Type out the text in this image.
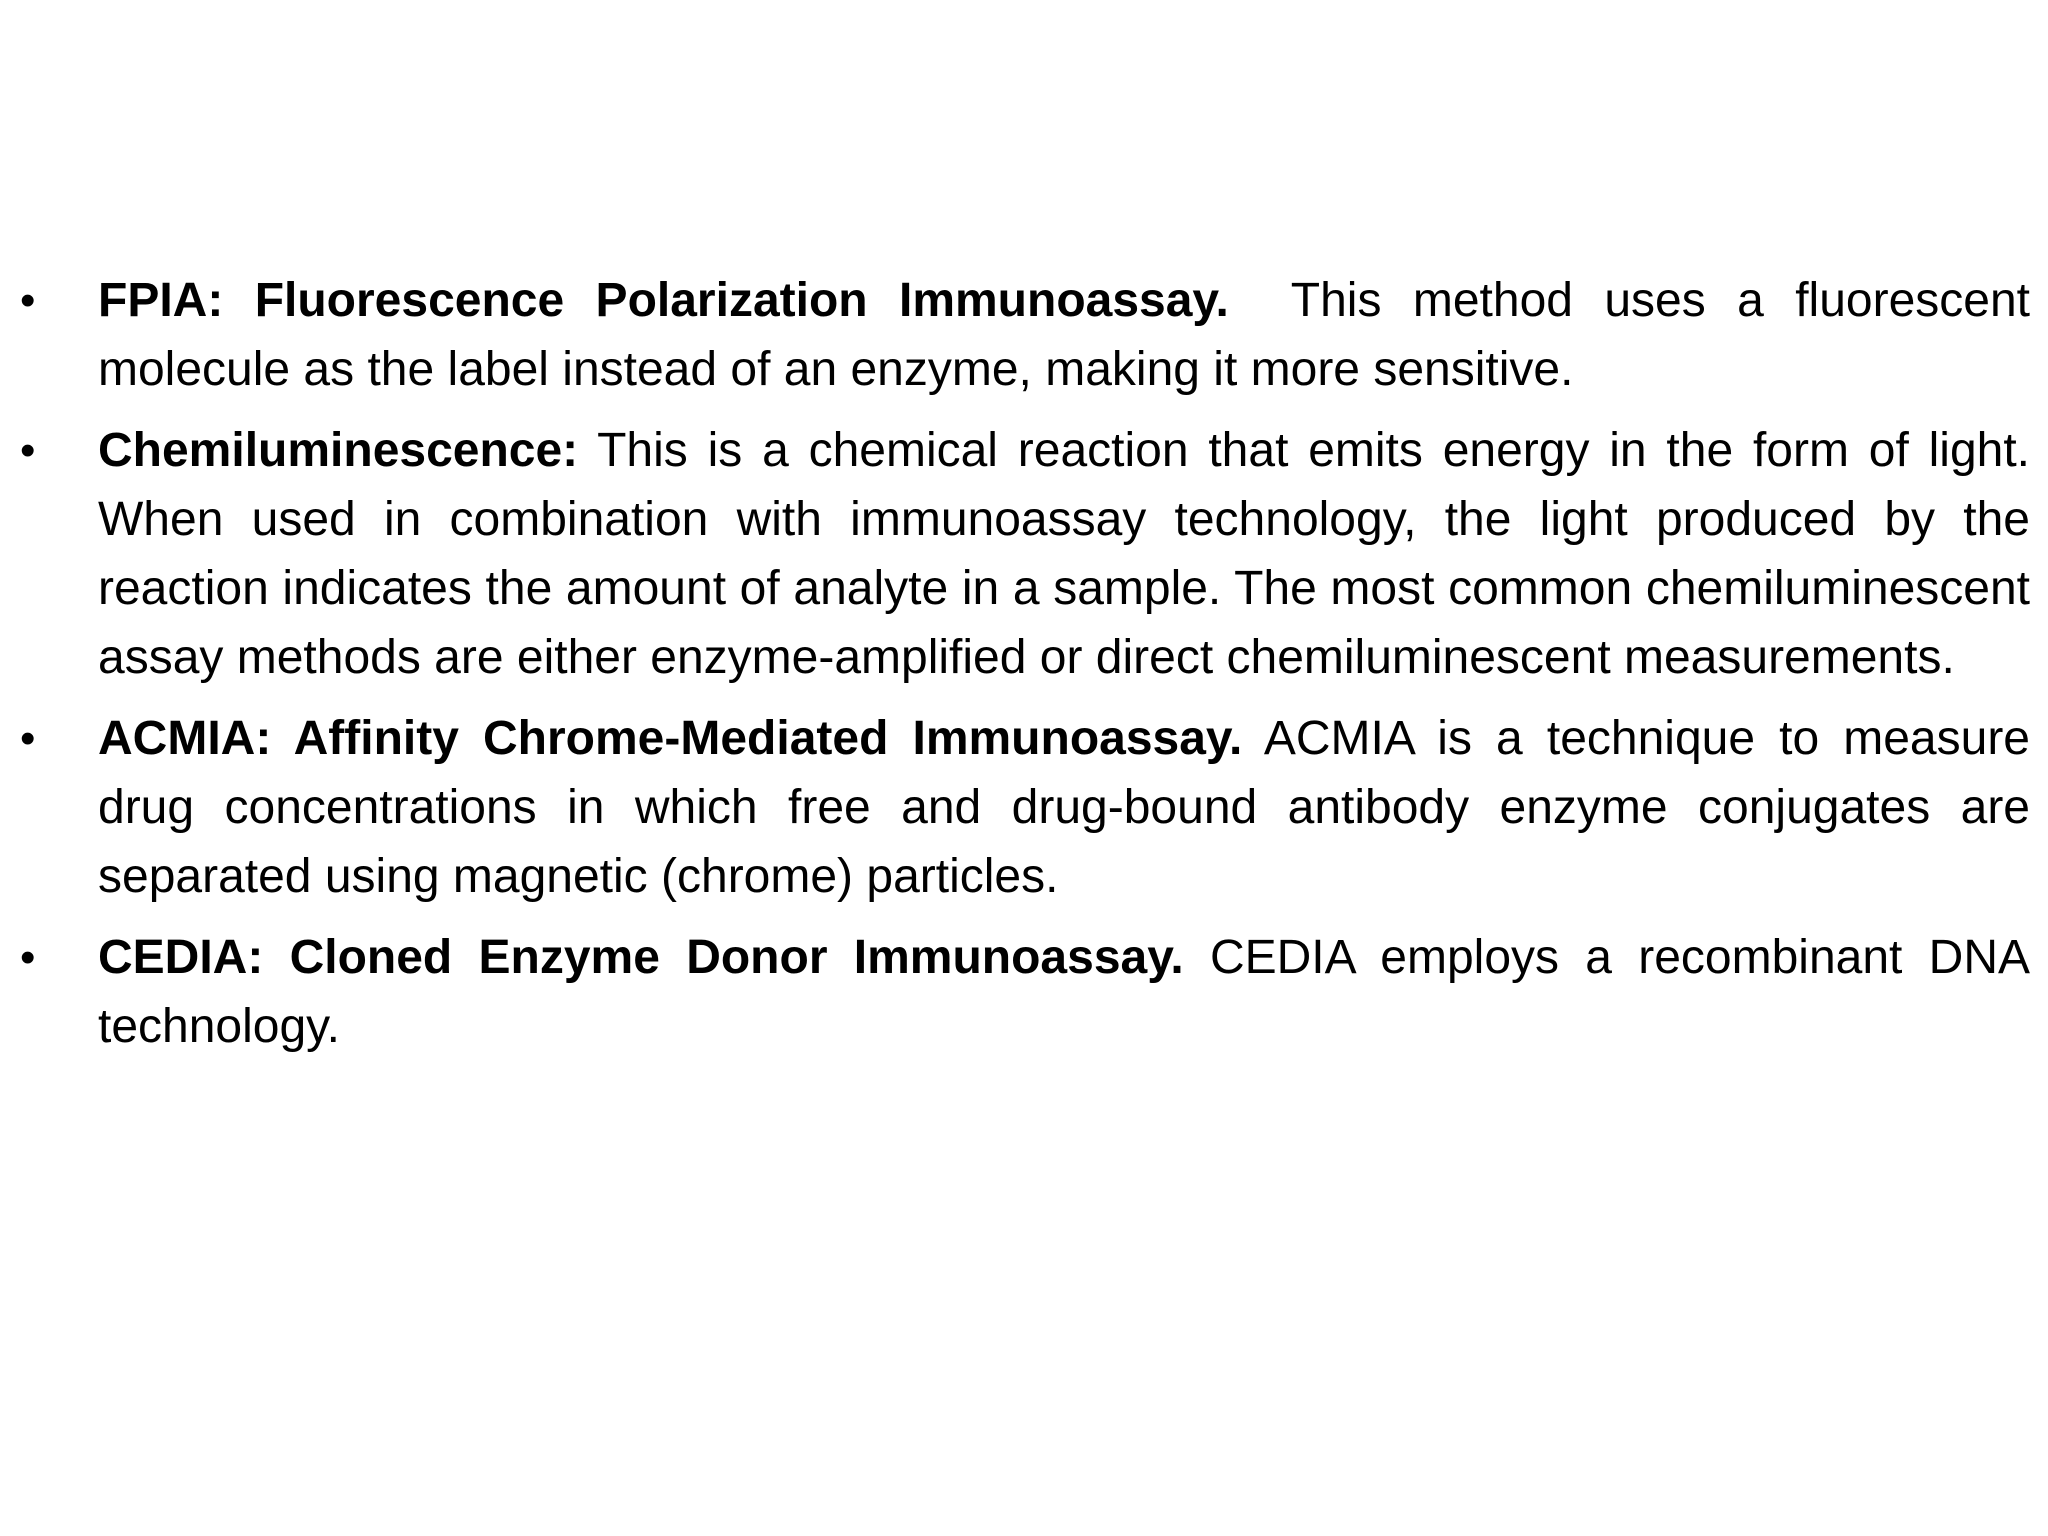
•	FPIA: Fluorescence Polarization Immunoassay.  This method uses a fluorescent molecule as the label instead of an enzyme, making it more sensitive.
•	Chemiluminescence: This is a chemical reaction that emits energy in the form of light. When used in combination with immunoassay technology, the light produced by the reaction indicates the amount of analyte in a sample. The most common chemiluminescent assay methods are either enzyme-amplified or direct chemiluminescent measurements.
•	ACMIA: Affinity Chrome-Mediated Immunoassay. ACMIA is a technique to measure drug concentrations in which free and drug-bound antibody enzyme conjugates are separated using magnetic (chrome) particles.
•	CEDIA: Cloned Enzyme Donor Immunoassay. CEDIA employs a recombinant DNA technology.
